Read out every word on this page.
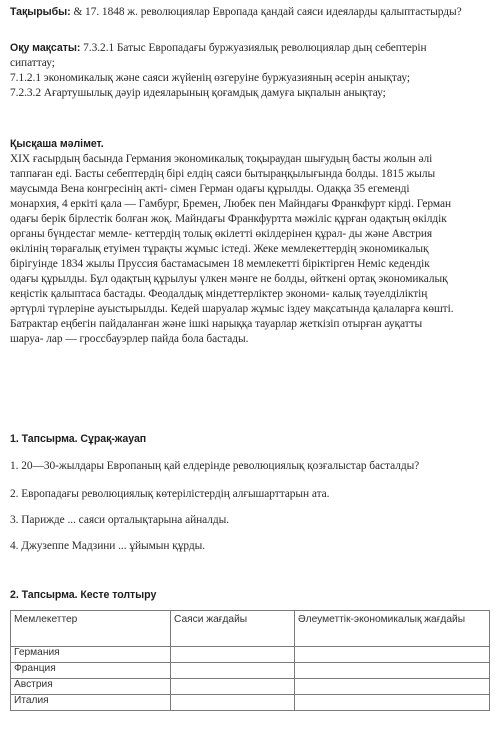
Тақырыбы: & 17. 1848 ж. революциялар Европада қандай саяси идеяларды қалыптастырды?
Оқу мақсаты: 7.3.2.1 Батыс Европадағы буржуазиялық революциялар дың себептерін
сипаттау;
7.1.2.1 экономикалық және саяси жүйенің өзгеруіне буржуазияның әсерін анықтау;
7.2.3.2 Ағартушылық дәуір идеяларының қоғамдық дамуға ықпалын анықтау;
Қысқаша мәлімет.
XIX ғасырдың басында Германия экономикалық тоқыраудан шығудың басты жолын әлі
таппаған еді. Басты себептердің бірі елдің саяси бытыраңқылығында болды. 1815 жылы
маусымда Вена конгресінің акті- сімен Герман одағы құрылды. Одаққа 35 егеменді
монархия, 4 еркіті қала — Гамбург, Бремен, Любек пен Майндағы Франкфурт кірді. Герман
одағы берік бірлестік болған жоқ. Майндағы Франкфуртта мәжіліс құрған одақтың өкілдік
органы бүндестаг мемле- кеттердің толық өкілетті өкілдерінен құрал- ды және Австрия
өкілінің төрағалық етуімен тұрақты жұмыс істеді. Жеке мемлекеттердің экономикалық
бірігуінде 1834 жылы Пруссия бастамасымен 18 мемлекетті біріктірген Неміс кедендік
одағы құрылды. Бұл одақтың құрылуы үлкен мәнге не болды, өйткені ортақ экономикалық
кеңістік қалыптаса бастады. Феодалдық міндеттерліктер экономи- калық тәуелділіктің
әртүрлі түрлеріне ауыстырылды. Кедей шаруалар жұмыс іздеу мақсатында қалаларға көшті.
Батрактар еңбегін пайдаланған және ішкі нарыққа тауарлар жеткізіп отырған ауқатты
шаруа- лар — гроссбауэрлер пайда бола бастады.
1. Тапсырма. Сұрақ-жауап
1. 20—30-жылдары Европаның қай елдерінде революциялық қозғалыстар басталды?
2. Европадағы революциялық көтерілістердің алғышарттарын ата.
3. Парижде ... саяси орталықтарына айналды.
4. Джузеппе Мадзини ... ұйымын құрды.
2. Тапсырма. Кесте толтыру
Мемлекеттер	Саяси жағдайы	Әлеуметтік-экономикалық жағдайы
Германия		
Франция		
Австрия		
Италия		
